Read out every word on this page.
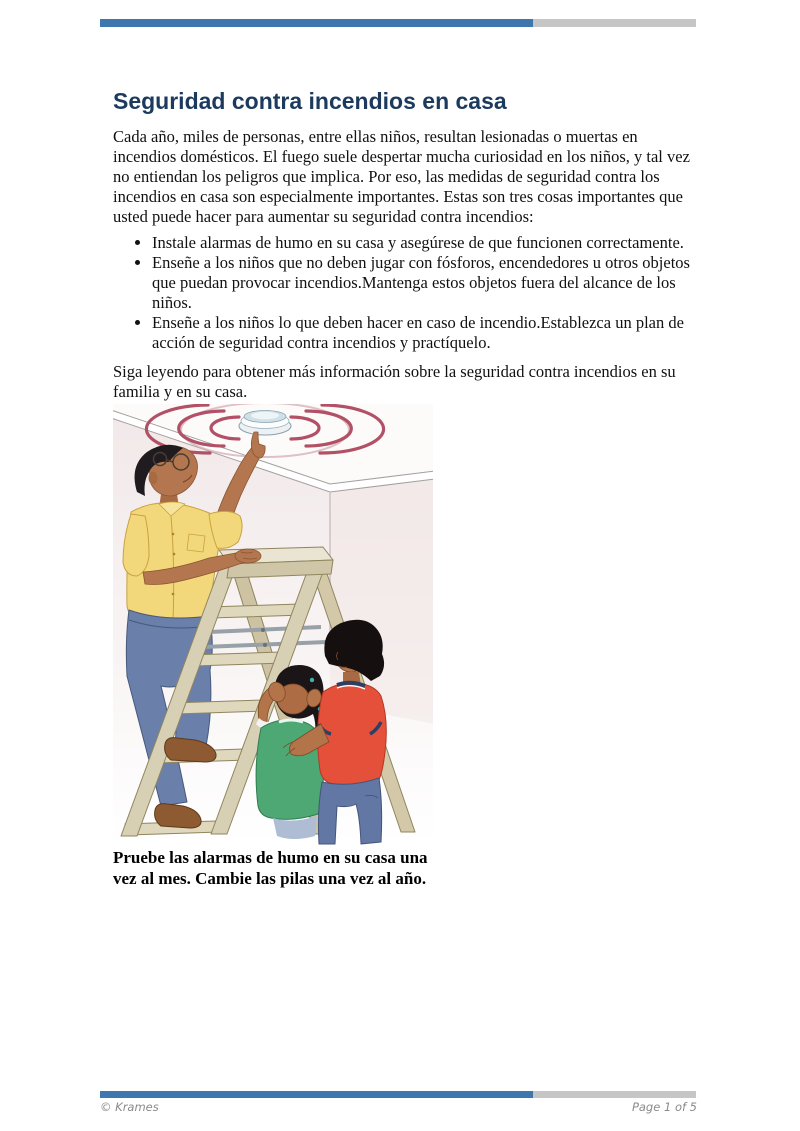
Seguridad contra incendios en casa

Cada año, miles de personas, entre ellas niños, resultan lesionadas o muertas en incendios domésticos. El fuego suele despertar mucha curiosidad en los niños, y tal vez no entiendan los peligros que implica. Por eso, las medidas de seguridad contra los incendios en casa son especialmente importantes. Estas son tres cosas importantes que usted puede hacer para aumentar su seguridad contra incendios:

• Instale alarmas de humo en su casa y asegúrese de que funcionen correctamente.
• Enseñe a los niños que no deben jugar con fósforos, encendedores u otros objetos que puedan provocar incendios.Mantenga estos objetos fuera del alcance de los niños.
• Enseñe a los niños lo que deben hacer en caso de incendio.Establezca un plan de acción de seguridad contra incendios y practíquelo.

Siga leyendo para obtener más información sobre la seguridad contra incendios en su familia y en su casa.

Pruebe las alarmas de humo en su casa una
vez al mes. Cambie las pilas una vez al año.
© Krames	Page 1 of 5
